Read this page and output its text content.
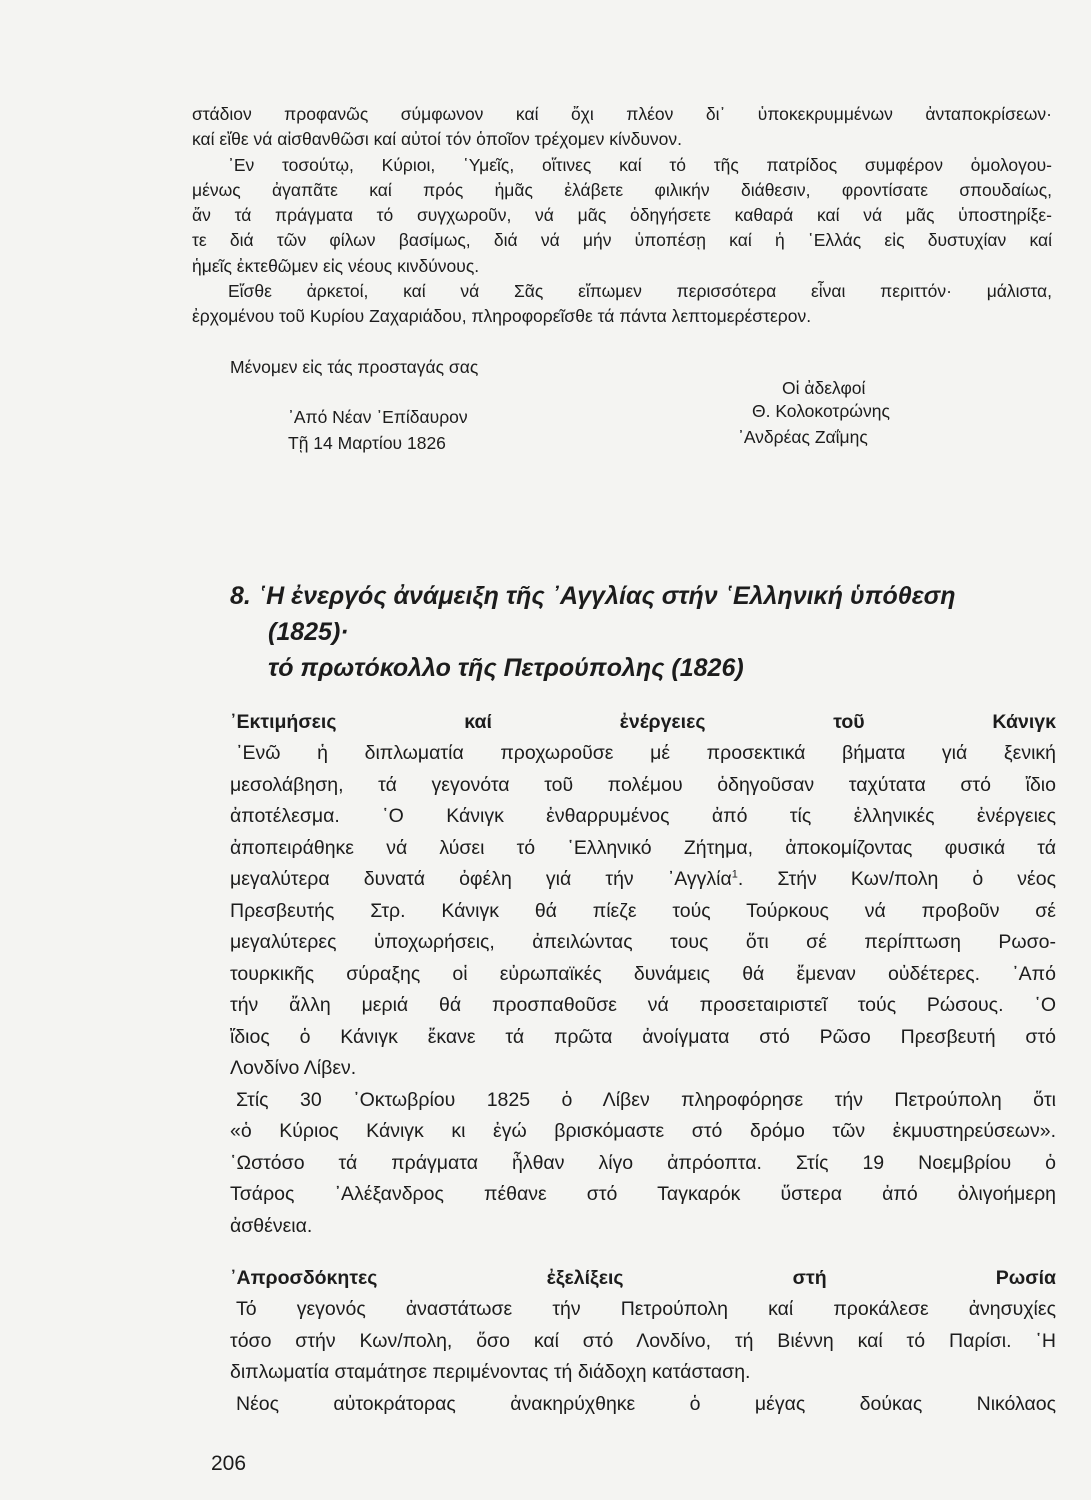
στάδιον προφανῶς σύμφωνον καί ὄχι πλέον δι᾿ ὑποκεκρυμμένων ἀνταποκρίσεων·

καί εἴθε νά αἰσθανθῶσι καί αὐτοί τόν ὁποῖον τρέχομεν κίνδυνον.

᾿Εν τοσούτῳ, Κύριοι, ῾Υμεῖς, οἵτινες καί τό τῆς πατρίδος συμφέρον ὁμολογου-

μένως ἀγαπᾶτε καί πρός ἡμᾶς ἐλάβετε φιλικήν διάθεσιν, φροντίσατε σπουδαίως,

ἄν τά πράγματα τό συγχωροῦν, νά μᾶς ὁδηγήσετε καθαρά καί νά μᾶς ὑποστηρίξε-

τε διά τῶν φίλων βασίμως, διά νά μήν ὑποπέσῃ καί ἡ ῾Ελλάς εἰς δυστυχίαν καί

ἡμεῖς ἐκτεθῶμεν εἰς νέους κινδύνους.

Εἴσθε ἀρκετοί, καί νά Σᾶς εἴπωμεν περισσότερα εἶναι περιττόν· μάλιστα,

ἐρχομένου τοῦ Κυρίου Ζαχαριάδου, πληροφορεῖσθε τά πάντα λεπτομερέστερον.

Μένομεν εἰς τάς προσταγάς σας
Οἱ ἀδελφοί
᾿Από Νέαν ᾿Επίδαυρον	Θ. Κολοκοτρώνης
Τῇ 14 Μαρτίου 1826	᾿Ανδρέας Ζαΐμης
8. ῾Η ἐνεργός ἀνάμειξη τῆς ᾿Αγγλίας στήν ῾Ελληνική ὑπόθεση
(1825)·
τό πρωτόκολλο τῆς Πετρούπολης (1826)

᾿Εκτιμήσεις καί ἐνέργειες τοῦ Κάνιγκ

᾿Ενῶ ἡ διπλωματία προχωροῦσε μέ προσεκτικά βήματα γιά ξενική

μεσολάβηση, τά γεγονότα τοῦ πολέμου ὁδηγοῦσαν ταχύτατα στό ἴδιο

ἀποτέλεσμα. ῾Ο Κάνιγκ ἐνθαρρυμένος ἀπό τίς ἑλληνικές ἐνέργειες

ἀποπειράθηκε νά λύσει τό ῾Ελληνικό Ζήτημα, ἀποκομίζοντας φυσικά τά

μεγαλύτερα δυνατά ὀφέλη γιά τήν ᾿Αγγλία$^1$. Στήν Κων/πολη ὁ νέος

Πρεσβευτής Στρ. Κάνιγκ θά πίεζε τούς Τούρκους νά προβοῦν σέ

μεγαλύτερες ὑποχωρήσεις, ἀπειλώντας τους ὅτι σέ περίπτωση Ρωσο-

τουρκικῆς σύραξης οἱ εὐρωπαϊκές δυνάμεις θά ἔμεναν οὐδέτερες. ᾿Από

τήν ἄλλη μεριά θά προσπαθοῦσε νά προσεταιριστεῖ τούς Ρώσους. ῾Ο

ἴδιος ὁ Κάνιγκ ἔκανε τά πρῶτα ἀνοίγματα στό Ρῶσο Πρεσβευτή στό

Λονδίνο Λίβεν.

Στίς 30 ᾿Οκτωβρίου 1825 ὁ Λίβεν πληροφόρησε τήν Πετρούπολη ὅτι

«ὁ Κύριος Κάνιγκ κι ἐγώ βρισκόμαστε στό δρόμο τῶν ἐκμυστηρεύσεων».

῾Ωστόσο τά πράγματα ἦλθαν λίγο ἀπρόοπτα. Στίς 19 Νοεμβρίου ὁ

Τσάρος ᾿Αλέξανδρος πέθανε στό Ταγκαρόκ ὕστερα ἀπό ὀλιγοήμερη

ἀσθένεια.

᾿Απροσδόκητες ἐξελίξεις στή Ρωσία

Τό γεγονός ἀναστάτωσε τήν Πετρούπολη καί προκάλεσε ἀνησυχίες

τόσο στήν Κων/πολη, ὅσο καί στό Λονδίνο, τή Βιέννη καί τό Παρίσι. ῾Η

διπλωματία σταμάτησε περιμένοντας τή διάδοχη κατάσταση.

Νέος αὐτοκράτορας ἀνακηρύχθηκε ὁ μέγας δούκας Νικόλαος

206
